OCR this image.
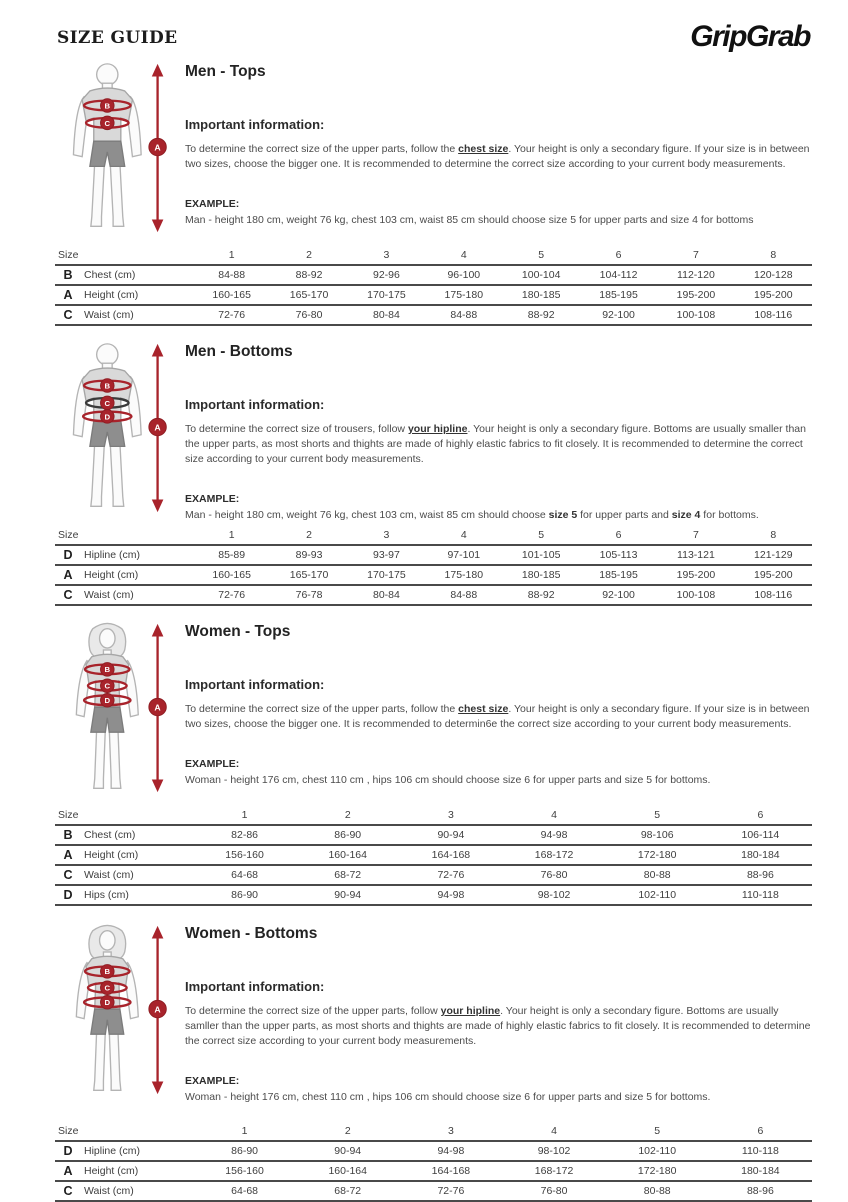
SIZE GUIDE	GripGrab
B
C
A
Men - Tops
Important information:

To determine the correct size of the upper parts, follow the chest size. Your height is only a secondary figure. If your size is in between two sizes, choose the bigger one. It is recommended to determine the correct size according to your current body measurements.

EXAMPLE:

Man - height 180 cm, weight 76 kg, chest 103 cm, waist 85 cm should choose size 5 for upper parts and size 4 for bottoms

Size		1	2	3	4	5	6	7	8
B	Chest (cm)	84-88	88-92	92-96	96-100	100-104	104-112	112-120	120-128
A	Height (cm)	160-165	165-170	170-175	175-180	180-185	185-195	195-200	195-200
C	Waist (cm)	72-76	76-80	80-84	84-88	88-92	92-100	100-108	108-116
B
C
D
A
Men - Bottoms
Important information:

To determine the correct size of trousers, follow your hipline. Your height is only a secondary figure. Bottoms are usually smaller than the upper parts, as most shorts and thights are made of highly elastic fabrics to fit closely. It is recommended to determine the correct size according to your current body measurements.

EXAMPLE:

Man - height 180 cm, weight 76 kg, chest 103 cm, waist 85 cm should choose size 5 for upper parts and size 4 for bottoms.

Size		1	2	3	4	5	6	7	8
D	Hipline (cm)	85-89	89-93	93-97	97-101	101-105	105-113	113-121	121-129
A	Height (cm)	160-165	165-170	170-175	175-180	180-185	185-195	195-200	195-200
C	Waist (cm)	72-76	76-78	80-84	84-88	88-92	92-100	100-108	108-116
B
C
D
A
Women - Tops
Important information:

To determine the correct size of the upper parts, follow the chest size. Your height is only a secondary figure. If your size is in between two sizes, choose the bigger one. It is recommended to determin6e the correct size according to your current body measurements.

EXAMPLE:

Woman - height 176 cm, chest 110 cm , hips 106 cm should choose size 6 for upper parts and size 5 for bottoms.

Size		1	2	3	4	5	6
B	Chest (cm)	82-86	86-90	90-94	94-98	98-106	106-114
A	Height (cm)	156-160	160-164	164-168	168-172	172-180	180-184
C	Waist (cm)	64-68	68-72	72-76	76-80	80-88	88-96
D	Hips (cm)	86-90	90-94	94-98	98-102	102-110	110-118
B
C
D
A
Women - Bottoms
Important information:

To determine the correct size of the upper parts, follow your hipline. Your height is only a secondary figure. Bottoms are usually samller than the upper parts, as most shorts and thights are made of highly elastic fabrics to fit closely. It is recommended to determine the correct size according to your current body measurements.

EXAMPLE:

Woman - height 176 cm, chest 110 cm , hips 106 cm should choose size 6 for upper parts and size 5 for bottoms.

Size		1	2	3	4	5	6
D	Hipline (cm)	86-90	90-94	94-98	98-102	102-110	110-118
A	Height (cm)	156-160	160-164	164-168	168-172	172-180	180-184
C	Waist (cm)	64-68	68-72	72-76	76-80	80-88	88-96
